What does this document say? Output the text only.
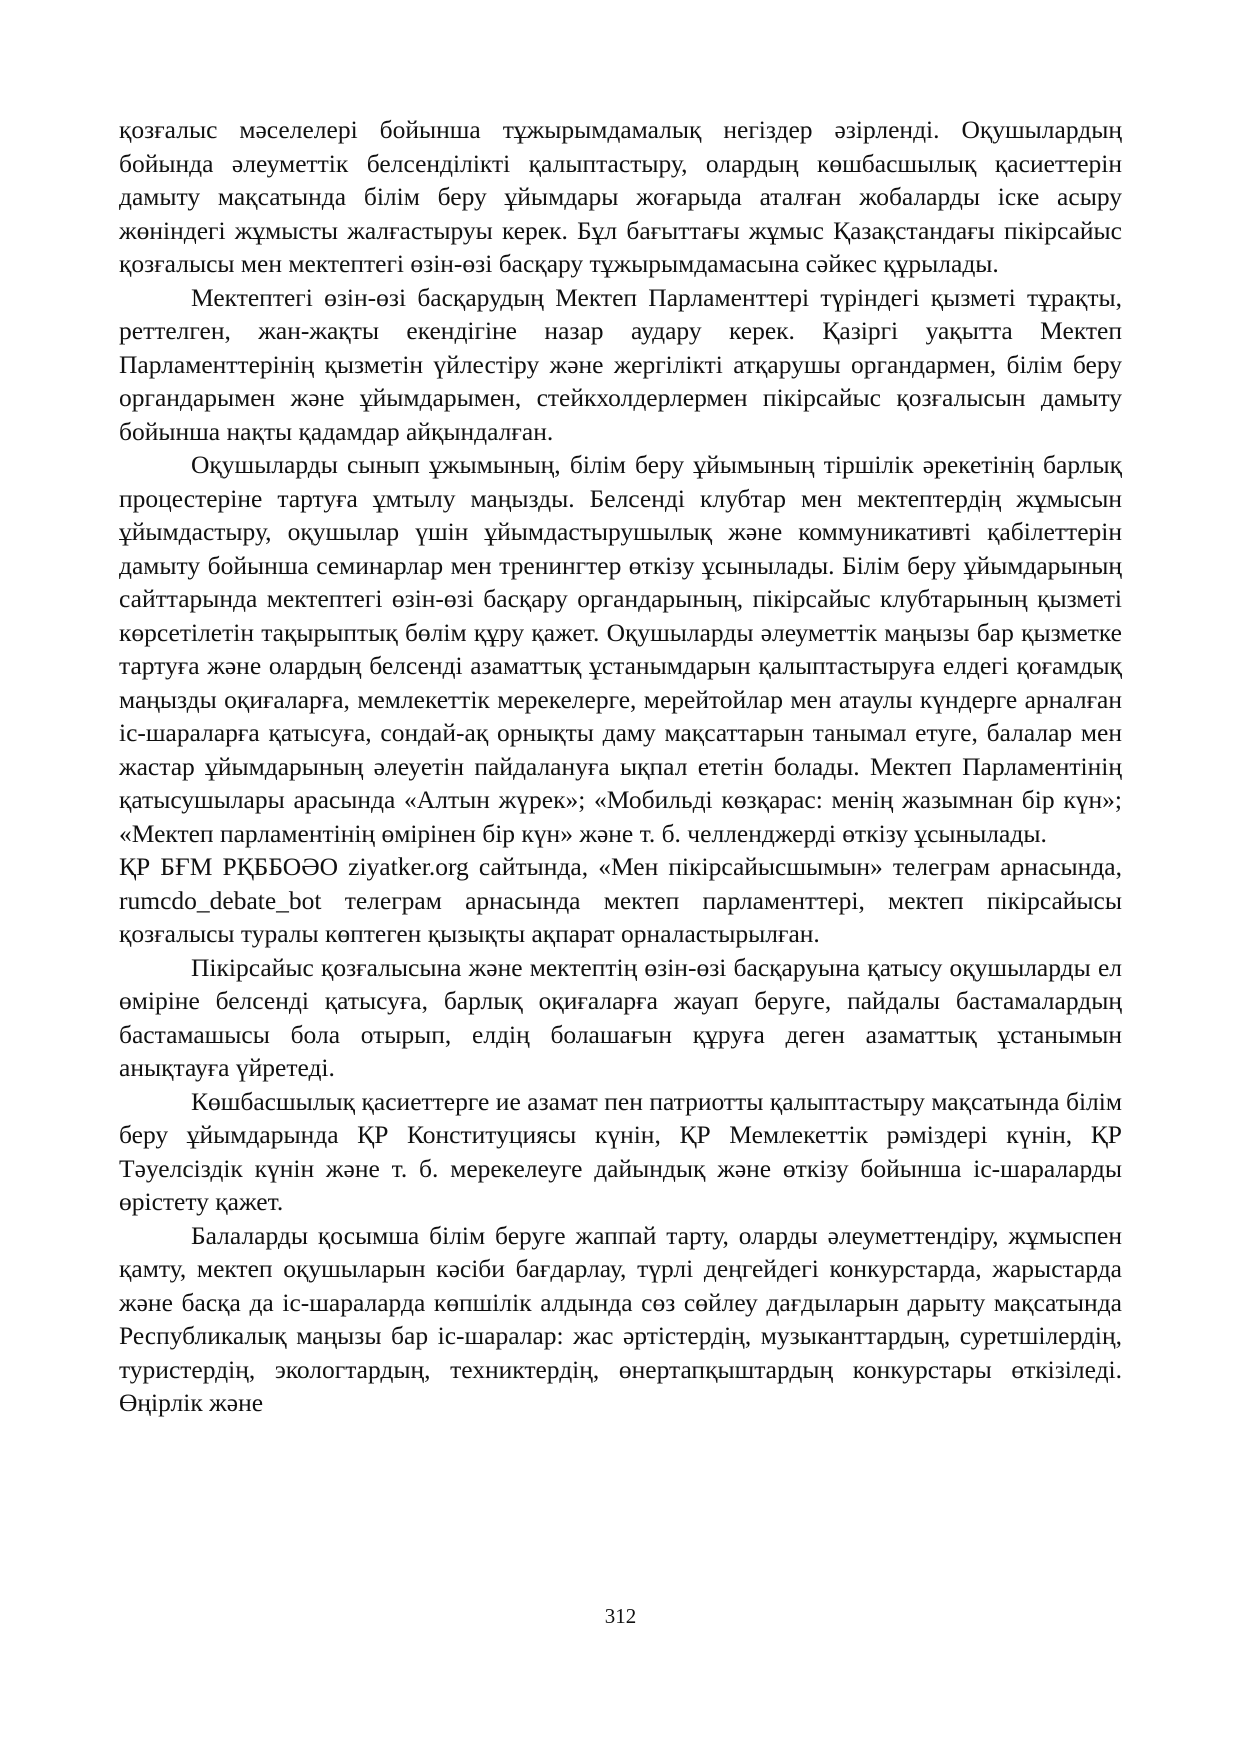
қозғалыс мәселелері бойынша тұжырымдамалық негіздер әзірленді. Оқушылардың бойында әлеуметтік белсенділікті қалыптастыру, олардың көшбасшылық қасиеттерін дамыту мақсатында білім беру ұйымдары жоғарыда аталған жобаларды іске асыру жөніндегі жұмысты жалғастыруы керек. Бұл бағыттағы жұмыс Қазақстандағы пікірсайыс қозғалысы мен мектептегі өзін-өзі басқару тұжырымдамасына сәйкес құрылады.

Мектептегі өзін-өзі басқарудың Мектеп Парламенттері түріндегі қызметі тұрақты, реттелген, жан-жақты екендігіне назар аудару керек. Қазіргі уақытта Мектеп Парламенттерінің қызметін үйлестіру және жергілікті атқарушы органдармен, білім беру органдарымен және ұйымдарымен, стейкхолдерлермен пікірсайыс қозғалысын дамыту бойынша нақты қадамдар айқындалған.

Оқушыларды сынып ұжымының, білім беру ұйымының тіршілік әрекетінің барлық процестеріне тартуға ұмтылу маңызды. Белсенді клубтар мен мектептердің жұмысын ұйымдастыру, оқушылар үшін ұйымдастырушылық және коммуникативті қабілеттерін дамыту бойынша семинарлар мен тренингтер өткізу ұсынылады. Білім беру ұйымдарының сайттарында мектептегі өзін-өзі басқару органдарының, пікірсайыс клубтарының қызметі көрсетілетін тақырыптық бөлім құру қажет. Оқушыларды әлеуметтік маңызы бар қызметке тартуға және олардың белсенді азаматтық ұстанымдарын қалыптастыруға елдегі қоғамдық маңызды оқиғаларға, мемлекеттік мерекелерге, мерейтойлар мен атаулы күндерге арналған іс-шараларға қатысуға, сондай-ақ орнықты даму мақсаттарын танымал етуге, балалар мен жастар ұйымдарының әлеуетін пайдалануға ықпал ететін болады. Мектеп Парламентінің қатысушылары арасында «Алтын жүрек»; «Мобильді көзқарас: менің жазымнан бір күн»; «Мектеп парламентінің өмірінен бір күн» және т. б. челленджерді өткізу ұсынылады.

ҚР БҒМ РҚББОӘО ziyatker.org сайтында, «Мен пікірсайысшымын» телеграм арнасында, rumcdo_debate_bot телеграм арнасында мектеп парламенттері, мектеп пікірсайысы қозғалысы туралы көптеген қызықты ақпарат орналастырылған.

Пікірсайыс қозғалысына және мектептің өзін-өзі басқаруына қатысу оқушыларды ел өміріне белсенді қатысуға, барлық оқиғаларға жауап беруге, пайдалы бастамалардың бастамашысы бола отырып, елдің болашағын құруға деген азаматтық ұстанымын анықтауға үйретеді.

Көшбасшылық қасиеттерге ие азамат пен патриотты қалыптастыру мақсатында білім беру ұйымдарында ҚР Конституциясы күнін, ҚР Мемлекеттік рәміздері күнін, ҚР Тәуелсіздік күнін және т. б. мерекелеуге дайындық және өткізу бойынша іс-шараларды өрістету қажет.

Балаларды қосымша білім беруге жаппай тарту, оларды әлеуметтендіру, жұмыспен қамту, мектеп оқушыларын кәсіби бағдарлау, түрлі деңгейдегі конкурстарда, жарыстарда және басқа да іс-шараларда көпшілік алдында сөз сөйлеу дағдыларын дарыту мақсатында Республикалық маңызы бар іс-шаралар: жас әртістердің, музыканттардың, суретшілердің, туристердің, экологтардың, техниктердің, өнертапқыштардың конкурстары өткізіледі. Өңірлік және

312
